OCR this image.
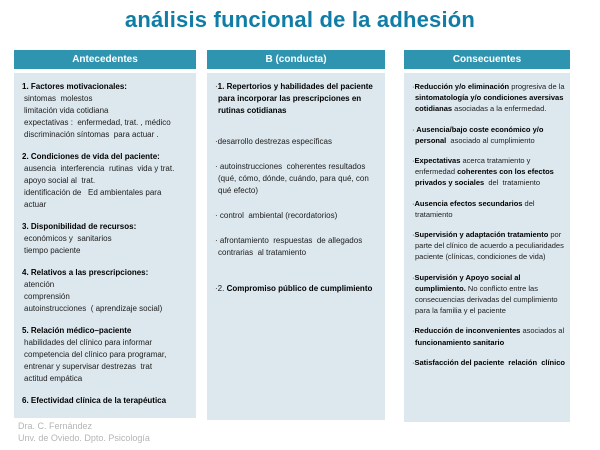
análisis funcional de la adhesión
Antecedentes
1. Factores motivacionales:
sintomas  molestos
limitación vida cotidiana
expectativas :  enfermedad, trat. , médico
discriminación síntomas  para actuar .
2. Condiciones de vida del paciente:
ausencia  interferencia  rutinas  vida y trat.
apoyo social al  trat.
identificación de   Ed ambientales para
actuar
3. Disponibilidad de recursos:
económicos y  sanitarios
tiempo paciente
4. Relativos a las prescripciones:
atención
comprensión
autoinstrucciones  ( aprendizaje social)
5. Relación médico–paciente
habilidades del clínico para informar
competencia del clínico para programar,
entrenar y supervisar destrezas  trat
actitud empática
6. Efectividad clínica de la terapéutica
B (conducta)
·1. Repertorios y habilidades del paciente para incorporar las prescripciones en rutinas cotidianas
·desarrollo destrezas específicas
· autoinstrucciones  coherentes resultados (qué, cómo, dónde, cuándo, para qué, con qué efecto)
· control  ambiental (recordatorios)
· afrontamiento  respuestas  de allegados contrarias  al tratamiento
·2. Compromiso público de cumplimiento
Consecuentes
·Reducción y/o eliminación progresiva de la sintomatología y/o condiciones aversivas cotidianas asociadas a la enfermedad.
· Ausencia/bajo coste económico y/o personal  asociado al cumplimiento
·Expectativas acerca tratamiento y enfermedad coherentes con los efectos privados y sociales  del  tratamiento
·Ausencia efectos secundarios del tratamiento
·Supervisión y adaptación tratamiento por parte del clínico de acuerdo a peculiaridades paciente (clínicas, condiciones de vida)
·Supervisión y Apoyo social al cumplimiento. No conflicto entre las consecuencias derivadas del cumplimiento para la familia y el paciente
·Reducción de inconvenientes asociados al funcionamiento sanitario
·Satisfacción del paciente  relación  clínico
Dra. C. Fernández
Unv. de Oviedo. Dpto. Psicología
